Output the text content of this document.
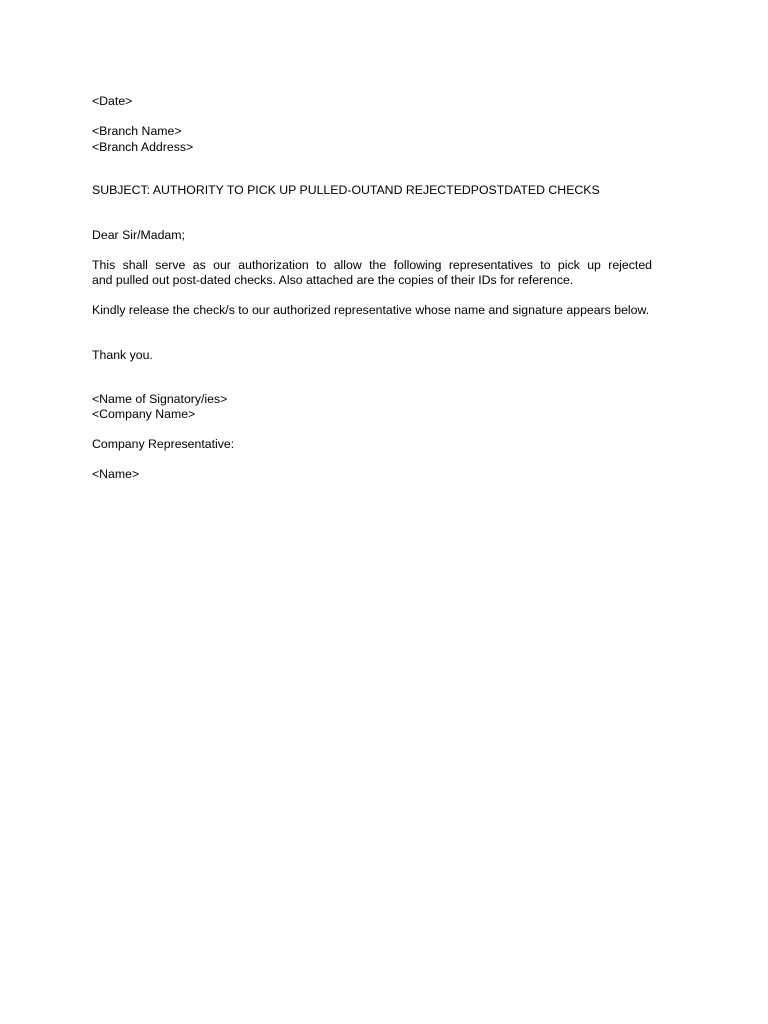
<Date>
<Branch Name>
<Branch Address>
SUBJECT: AUTHORITY TO PICK UP PULLED-OUTAND REJECTEDPOSTDATED CHECKS
Dear Sir/Madam;
This shall serve as our authorization to allow the following representatives to pick up rejected
and pulled out post-dated checks. Also attached are the copies of their IDs for reference.
Kindly release the check/s to our authorized representative whose name and signature appears below.
Thank you.
<Name of Signatory/ies>
<Company Name>
Company Representative:
<Name>
